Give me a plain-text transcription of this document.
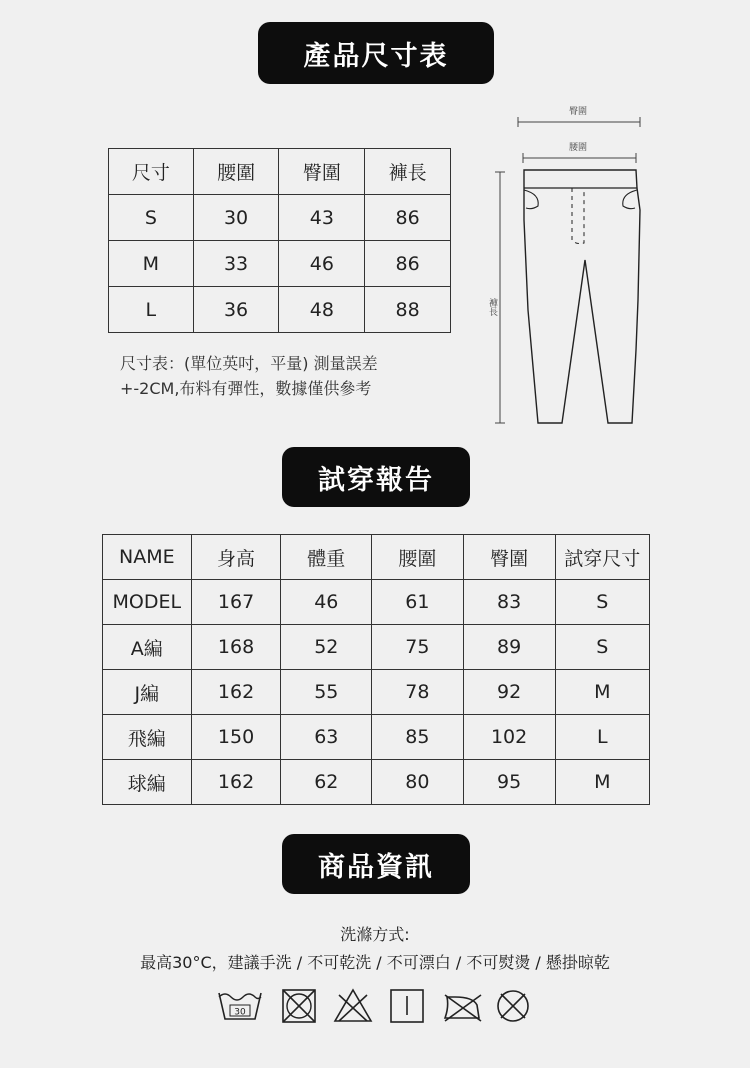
產品尺寸表
尺寸	腰圍	臀圍	褲長
S	30	43	86
M	33	46	86
L	36	48	88
尺寸表：(單位英吋，平量) 測量誤差
+-2CM,布料有彈性，數據僅供參考
臀圍
腰圍
褲長
試穿報告
NAME	身高	體重	腰圍	臀圍	試穿尺寸
MODEL	167	46	61	83	S
A編	168	52	75	89	S
J編	162	55	78	92	M
飛編	150	63	85	102	L
球編	162	62	80	95	M
商品資訊
洗滌方式:
最高30°C，建議手洗 / 不可乾洗 / 不可漂白 / 不可熨燙 / 懸掛晾乾
30
